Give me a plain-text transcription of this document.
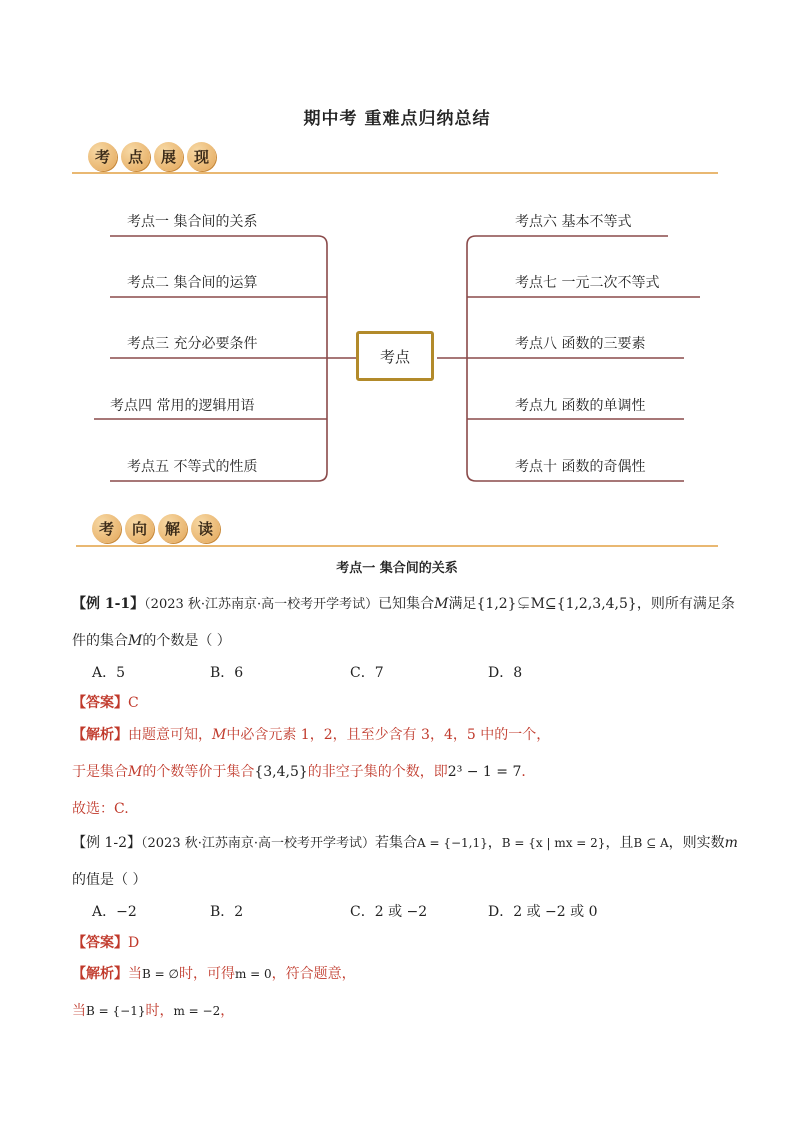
期中考 重难点归纳总结
考	点	展	现
考点
考点一 集合间的关系
考点二 集合间的运算
考点三 充分必要条件
考点四 常用的逻辑用语
考点五 不等式的性质
考点六 基本不等式
考点七 一元二次不等式
考点八 函数的三要素
考点九 函数的单调性
考点十 函数的奇偶性
考	向	解	读
考点一 集合间的关系
【例 1-1】（2023 秋·江苏南京·高一校考开学考试）已知集合M满足{1,2}⊊M⊆{1,2,3,4,5}，则所有满足条
件的集合M的个数是（ ）
A．5	B．6	C．7	D．8
【答案】C
【解析】由题意可知，M中必含元素 1，2，且至少含有 3，4，5 中的一个，
于是集合M的个数等价于集合{3,4,5}的非空子集的个数，即2³ − 1 = 7．
故选：C.
【例 1-2】（2023 秋·江苏南京·高一校考开学考试）若集合A = {−1,1}，B = {x | mx = 2}，且B ⊆ A，则实数m
的值是（ ）
A．−2	B．2	C．2 或 −2	D．2 或 −2 或 0
【答案】D
【解析】当B = ∅时，可得m = 0，符合题意，
当B = {−1}时，m = −2，
